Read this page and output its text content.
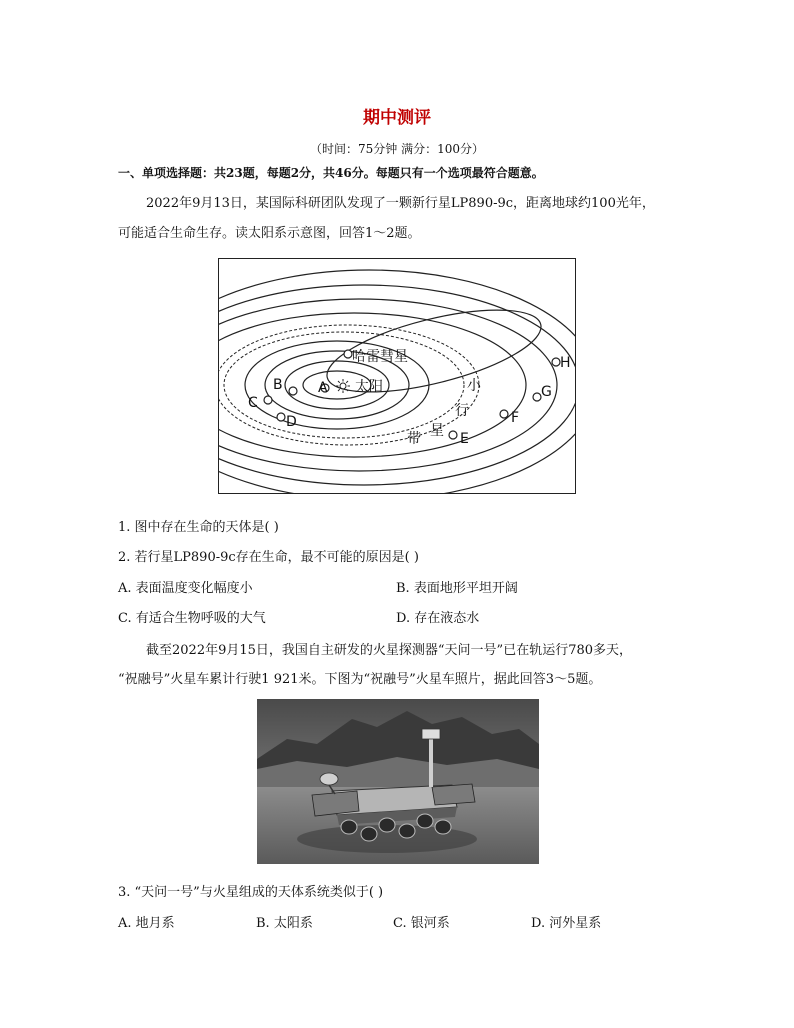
期中测评
（时间：75分钟 满分：100分）
一、单项选择题：共23题，每题2分，共46分。每题只有一个选项最符合题意。
2022年9月13日，某国际科研团队发现了一颗新行星LP890-9c，距离地球约100光年，
可能适合生命生存。读太阳系示意图，回答1～2题。
哈雷彗星
太阳
A
B
C
D
E
F
G
H
小
行
星
带
1. 图中存在生命的天体是( )
2. 若行星LP890-9c存在生命，最不可能的原因是( )
A. 表面温度变化幅度小	B. 表面地形平坦开阔
C. 有适合生物呼吸的大气	D. 存在液态水
截至2022年9月15日，我国自主研发的火星探测器“天问一号”已在轨运行780多天，
“祝融号”火星车累计行驶1 921米。下图为“祝融号”火星车照片，据此回答3～5题。
3. “天问一号”与火星组成的天体系统类似于( )
A. 地月系	B. 太阳系	C. 银河系	D. 河外星系
